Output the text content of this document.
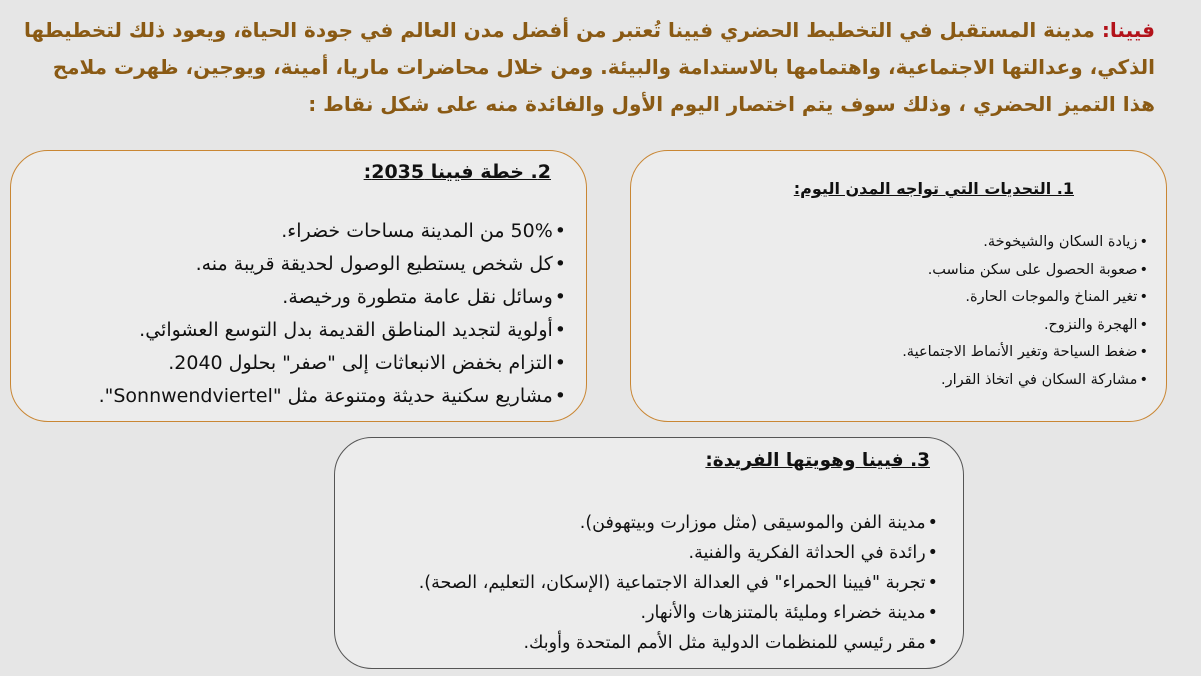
فيينا: مدينة المستقبل في التخطيط الحضري فيينا تُعتبر من أفضل مدن العالم في جودة الحياة، ويعود ذلك لتخطيطها الذكي، وعدالتها الاجتماعية، واهتمامها بالاستدامة والبيئة. ومن خلال محاضرات ماريا، أمينة، ويوجين، ظهرت ملامح هذا التميز الحضري ، وذلك سوف يتم اختصار اليوم الأول والفائدة منه على شكل نقاط :
1. التحديات التي تواجه المدن اليوم:
•زيادة السكان والشيخوخة.
•صعوبة الحصول على سكن مناسب.
•تغير المناخ والموجات الحارة.
•الهجرة والنزوح.
•ضغط السياحة وتغير الأنماط الاجتماعية.
•مشاركة السكان في اتخاذ القرار.
2. خطة فيينا 2035:
•50% من المدينة مساحات خضراء.
•كل شخص يستطيع الوصول لحديقة قريبة منه.
•وسائل نقل عامة متطورة ورخيصة.
•أولوية لتجديد المناطق القديمة بدل التوسع العشوائي.
•التزام بخفض الانبعاثات إلى "صفر" بحلول 2040.
•مشاريع سكنية حديثة ومتنوعة مثل "Sonnwendviertel".
3. فيينا وهويتها الفريدة:
•مدينة الفن والموسيقى (مثل موزارت وبيتهوفن).
•رائدة في الحداثة الفكرية والفنية.
•تجربة "فيينا الحمراء" في العدالة الاجتماعية (الإسكان، التعليم، الصحة).
•مدينة خضراء ومليئة بالمتنزهات والأنهار.
•مقر رئيسي للمنظمات الدولية مثل الأمم المتحدة وأوبك.
